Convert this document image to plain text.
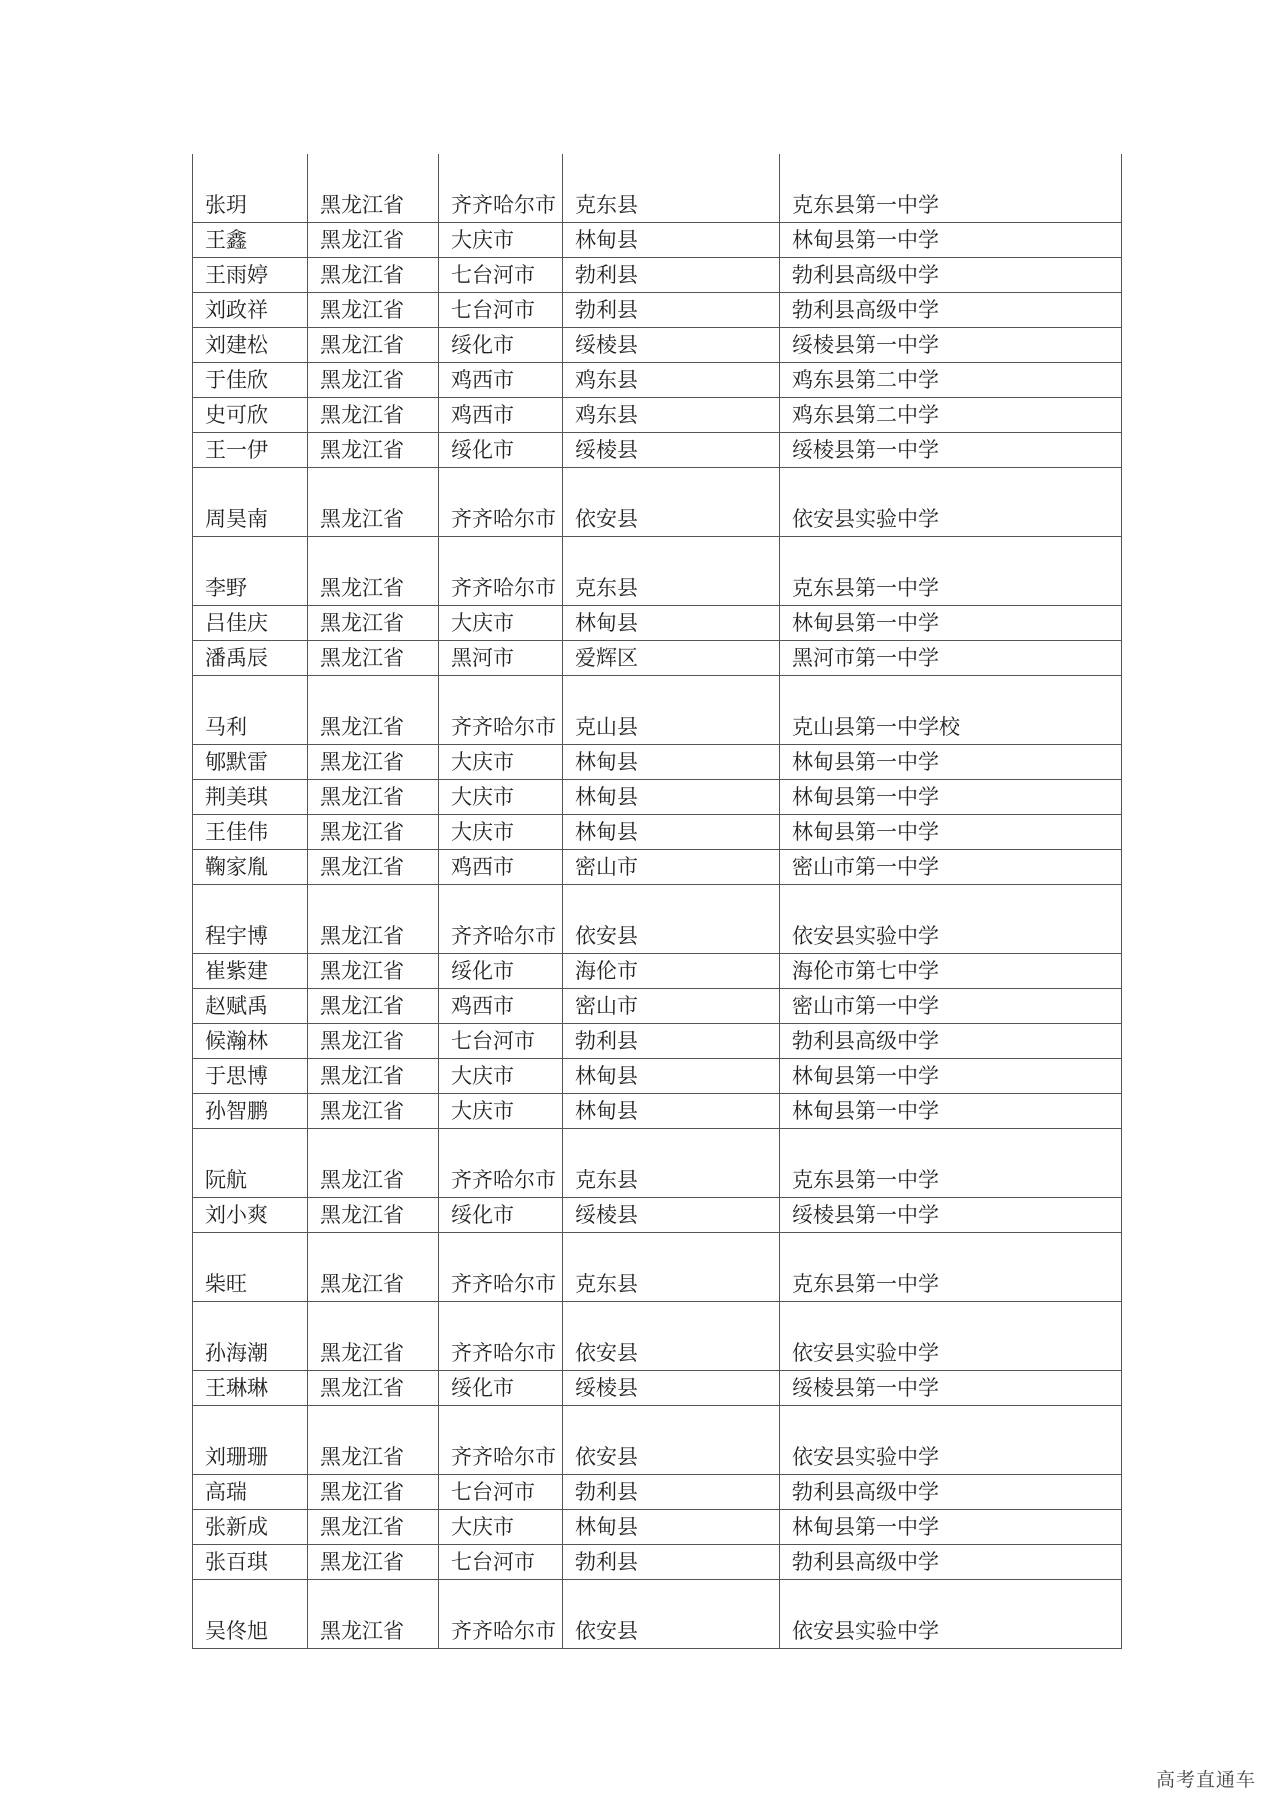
张玥	黑龙江省	齐齐哈尔市	克东县	克东县第一中学
王鑫	黑龙江省	大庆市	林甸县	林甸县第一中学
王雨婷	黑龙江省	七台河市	勃利县	勃利县高级中学
刘政祥	黑龙江省	七台河市	勃利县	勃利县高级中学
刘建松	黑龙江省	绥化市	绥棱县	绥棱县第一中学
于佳欣	黑龙江省	鸡西市	鸡东县	鸡东县第二中学
史可欣	黑龙江省	鸡西市	鸡东县	鸡东县第二中学
王一伊	黑龙江省	绥化市	绥棱县	绥棱县第一中学
周昊南	黑龙江省	齐齐哈尔市	依安县	依安县实验中学
李野	黑龙江省	齐齐哈尔市	克东县	克东县第一中学
吕佳庆	黑龙江省	大庆市	林甸县	林甸县第一中学
潘禹辰	黑龙江省	黑河市	爱辉区	黑河市第一中学
马利	黑龙江省	齐齐哈尔市	克山县	克山县第一中学校
郇默雷	黑龙江省	大庆市	林甸县	林甸县第一中学
荆美琪	黑龙江省	大庆市	林甸县	林甸县第一中学
王佳伟	黑龙江省	大庆市	林甸县	林甸县第一中学
鞠家胤	黑龙江省	鸡西市	密山市	密山市第一中学
程宇博	黑龙江省	齐齐哈尔市	依安县	依安县实验中学
崔紫建	黑龙江省	绥化市	海伦市	海伦市第七中学
赵赋禹	黑龙江省	鸡西市	密山市	密山市第一中学
候瀚林	黑龙江省	七台河市	勃利县	勃利县高级中学
于思博	黑龙江省	大庆市	林甸县	林甸县第一中学
孙智鹏	黑龙江省	大庆市	林甸县	林甸县第一中学
阮航	黑龙江省	齐齐哈尔市	克东县	克东县第一中学
刘小爽	黑龙江省	绥化市	绥棱县	绥棱县第一中学
柴旺	黑龙江省	齐齐哈尔市	克东县	克东县第一中学
孙海潮	黑龙江省	齐齐哈尔市	依安县	依安县实验中学
王琳琳	黑龙江省	绥化市	绥棱县	绥棱县第一中学
刘珊珊	黑龙江省	齐齐哈尔市	依安县	依安县实验中学
高瑞	黑龙江省	七台河市	勃利县	勃利县高级中学
张新成	黑龙江省	大庆市	林甸县	林甸县第一中学
张百琪	黑龙江省	七台河市	勃利县	勃利县高级中学
吴佟旭	黑龙江省	齐齐哈尔市	依安县	依安县实验中学
高考直通车
